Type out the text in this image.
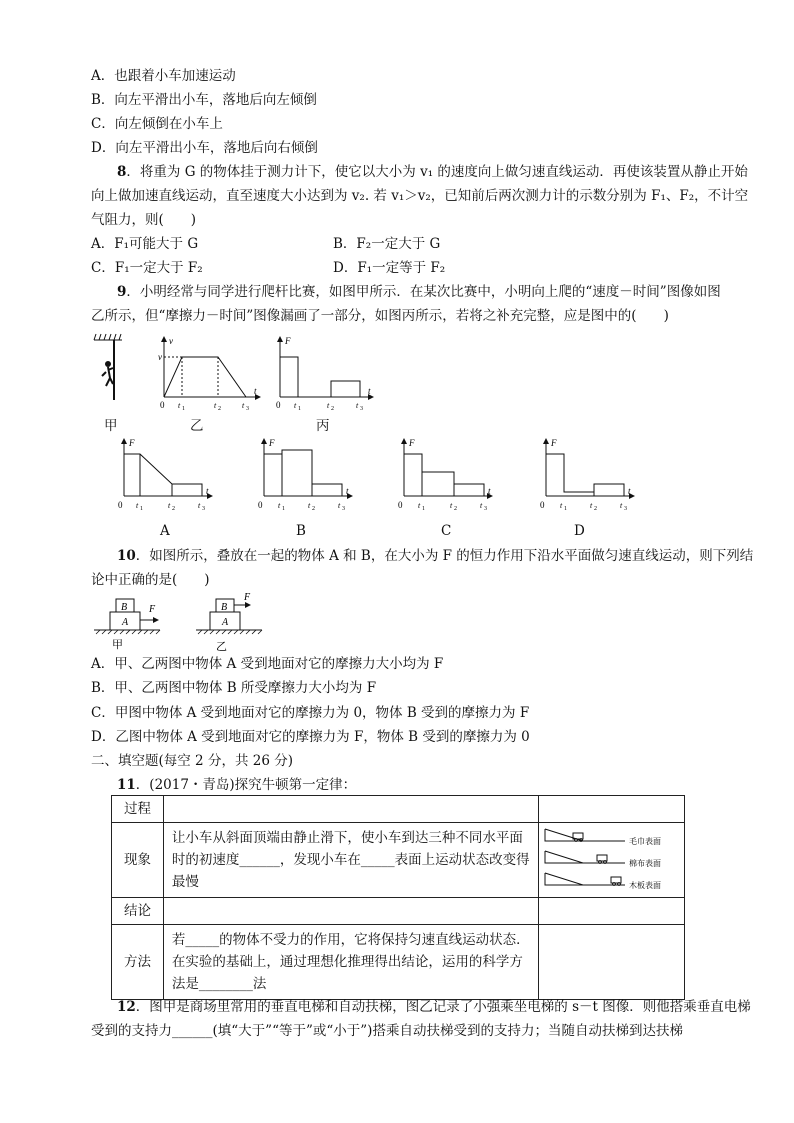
A．也跟着小车加速运动
B．向左平滑出小车，落地后向左倾倒
C．向左倾倒在小车上
D．向左平滑出小车，落地后向右倾倒
8．将重为 G 的物体挂于测力计下，使它以大小为 v₁ 的速度向上做匀速直线运动．再使该装置从静止开始
向上做加速直线运动，直至速度大小达到为 v₂. 若 v₁＞v₂，已知前后两次测力计的示数分别为 F₁、F₂，不计空
气阻力，则(　　)
A．F₁可能大于 G	B．F₂一定大于 G
C．F₁一定大于 F₂	D．F₁一定等于 F₂
9．小明经常与同学进行爬杆比赛，如图甲所示．在某次比赛中，小明向上爬的“速度－时间”图像如图
乙所示，但“摩擦力－时间”图像漏画了一部分，如图丙所示，若将之补充完整，应是图中的(　　)
v
v
0 t 1	t 2	t 3
t
F
0 t 1	t 2	t 3
t
甲	乙	丙
F
0 t 1	t 2	t 3
t
F
0 t 1	t 2	t 3
t
F
0 t 1	t 2	t 3
t
F
0 t 1	t 2	t 3
t
A	B	C	D
10．如图所示，叠放在一起的物体 A 和 B，在大小为 F 的恒力作用下沿水平面做匀速直线运动，则下列结
论中正确的是(　　)
B
A
F	B
A
F
甲	乙
A．甲、乙两图中物体 A 受到地面对它的摩擦力大小均为 F
B．甲、乙两图中物体 B 所受摩擦力大小均为 F
C．甲图中物体 A 受到地面对它的摩擦力为 0，物体 B 受到的摩擦力为 F
D．乙图中物体 A 受到地面对它的摩擦力为 F，物体 B 受到的摩擦力为 0
二、填空题(每空 2 分，共 26 分)
11．(2017・青岛)探究牛顿第一定律：
过程		
现象	让小车从斜面顶端由静止滑下，使小车到达三种不同水平面时的初速度______，发现小车在_____表面上运动状态改变得最慢	毛巾表面
棉布表面
木板表面

结论		
方法	若_____的物体不受力的作用，它将保持匀速直线运动状态．在实验的基础上，通过理想化推理得出结论，运用的科学方法是________法	
12．图甲是商场里常用的垂直电梯和自动扶梯，图乙记录了小强乘坐电梯的 s－t 图像．则他搭乘垂直电梯
受到的支持力______(填“大于”“等于”或“小于”)搭乘自动扶梯受到的支持力；当随自动扶梯到达扶梯
